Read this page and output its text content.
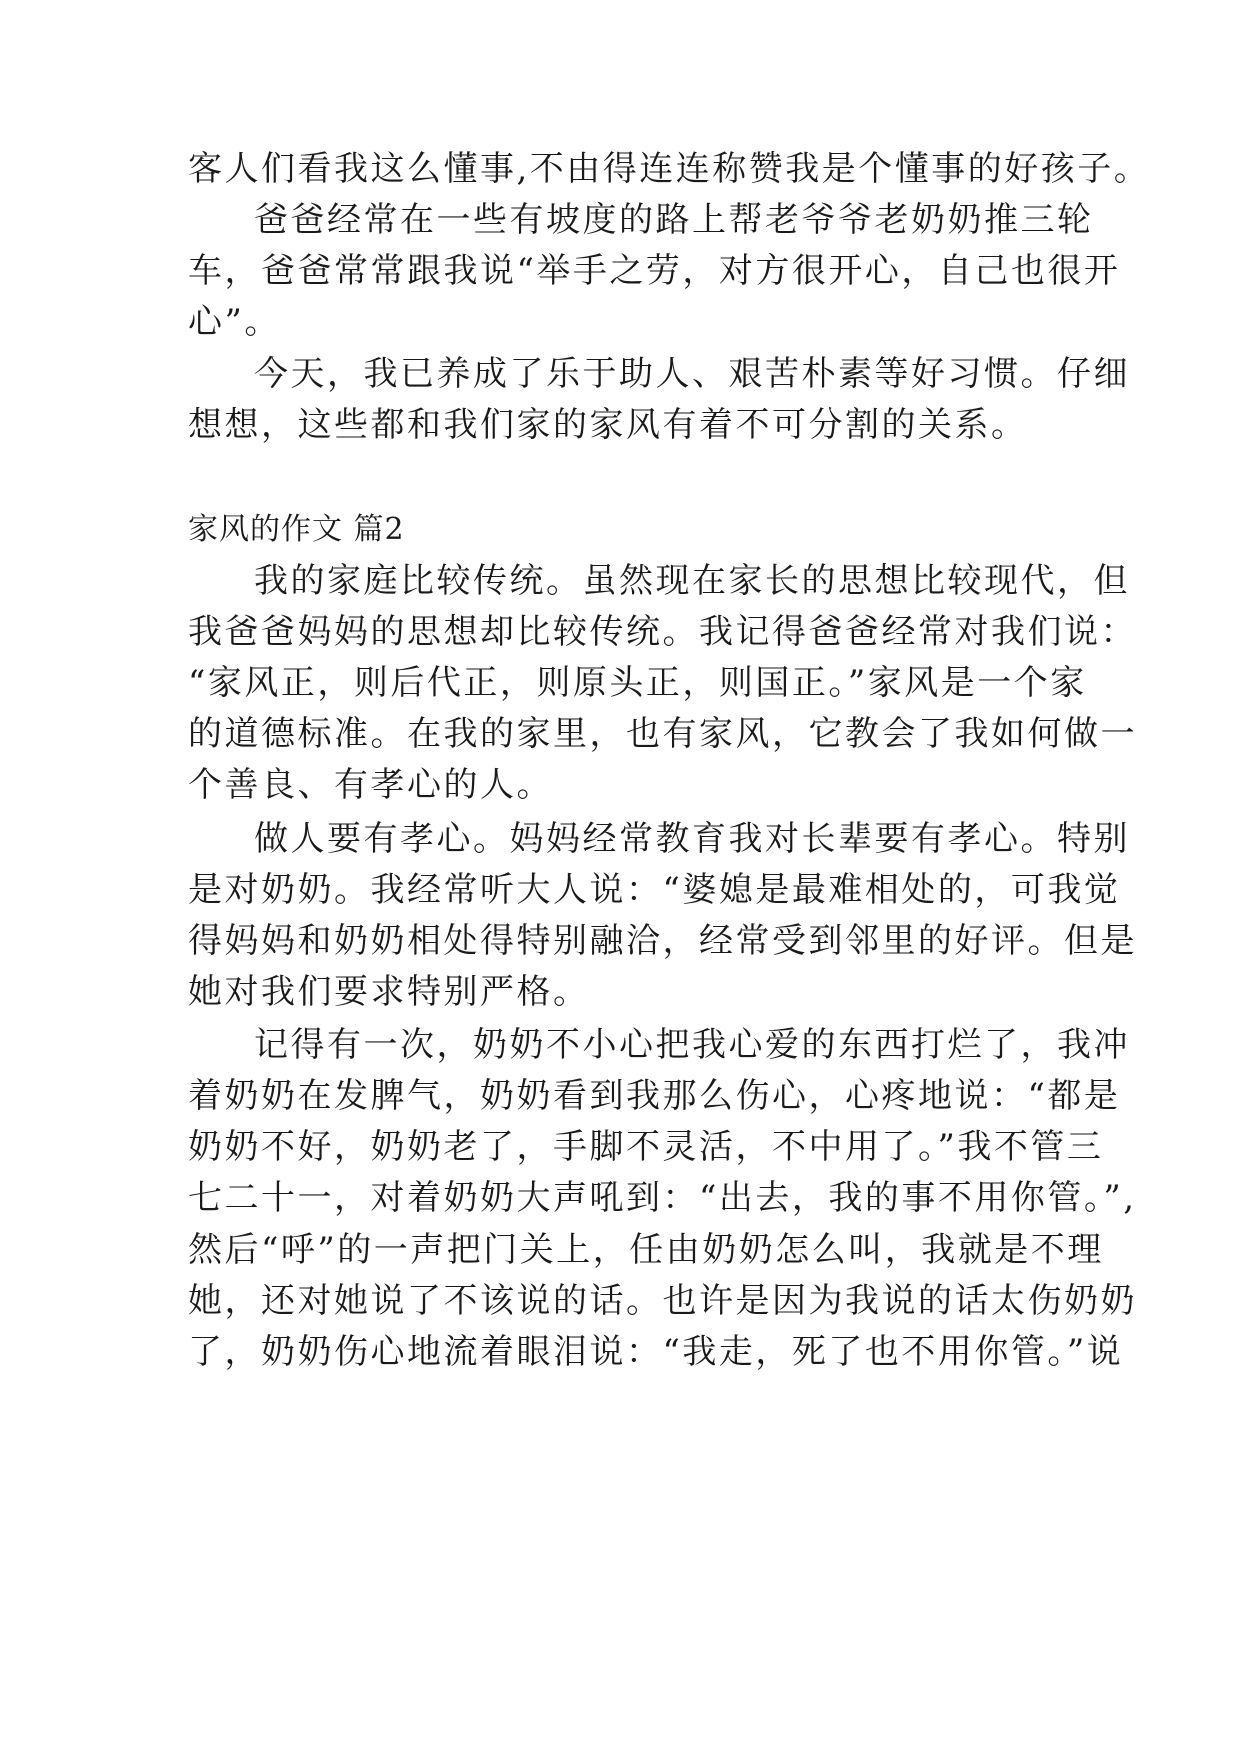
客人们看我这么懂事,不由得连连称赞我是个懂事的好孩子。
爸爸经常在一些有坡度的路上帮老爷爷老奶奶推三轮
车，爸爸常常跟我说“举手之劳，对方很开心，自己也很开
心”。
今天，我已养成了乐于助人、艰苦朴素等好习惯。仔细
想想，这些都和我们家的家风有着不可分割的关系。
家风的作文 篇2
我的家庭比较传统。虽然现在家长的思想比较现代，但
我爸爸妈妈的思想却比较传统。我记得爸爸经常对我们说：
“家风正，则后代正，则原头正，则国正。”家风是一个家
的道德标准。在我的家里，也有家风，它教会了我如何做一
个善良、有孝心的人。
做人要有孝心。妈妈经常教育我对长辈要有孝心。特别
是对奶奶。我经常听大人说：“婆媳是最难相处的，可我觉
得妈妈和奶奶相处得特别融洽，经常受到邻里的好评。但是
她对我们要求特别严格。
记得有一次，奶奶不小心把我心爱的东西打烂了，我冲
着奶奶在发脾气，奶奶看到我那么伤心，心疼地说：“都是
奶奶不好，奶奶老了，手脚不灵活，不中用了。”我不管三
七二十一，对着奶奶大声吼到：“出去，我的事不用你管。”,
然后“呼”的一声把门关上，任由奶奶怎么叫，我就是不理
她，还对她说了不该说的话。也许是因为我说的话太伤奶奶
了，奶奶伤心地流着眼泪说：“我走，死了也不用你管。”说
